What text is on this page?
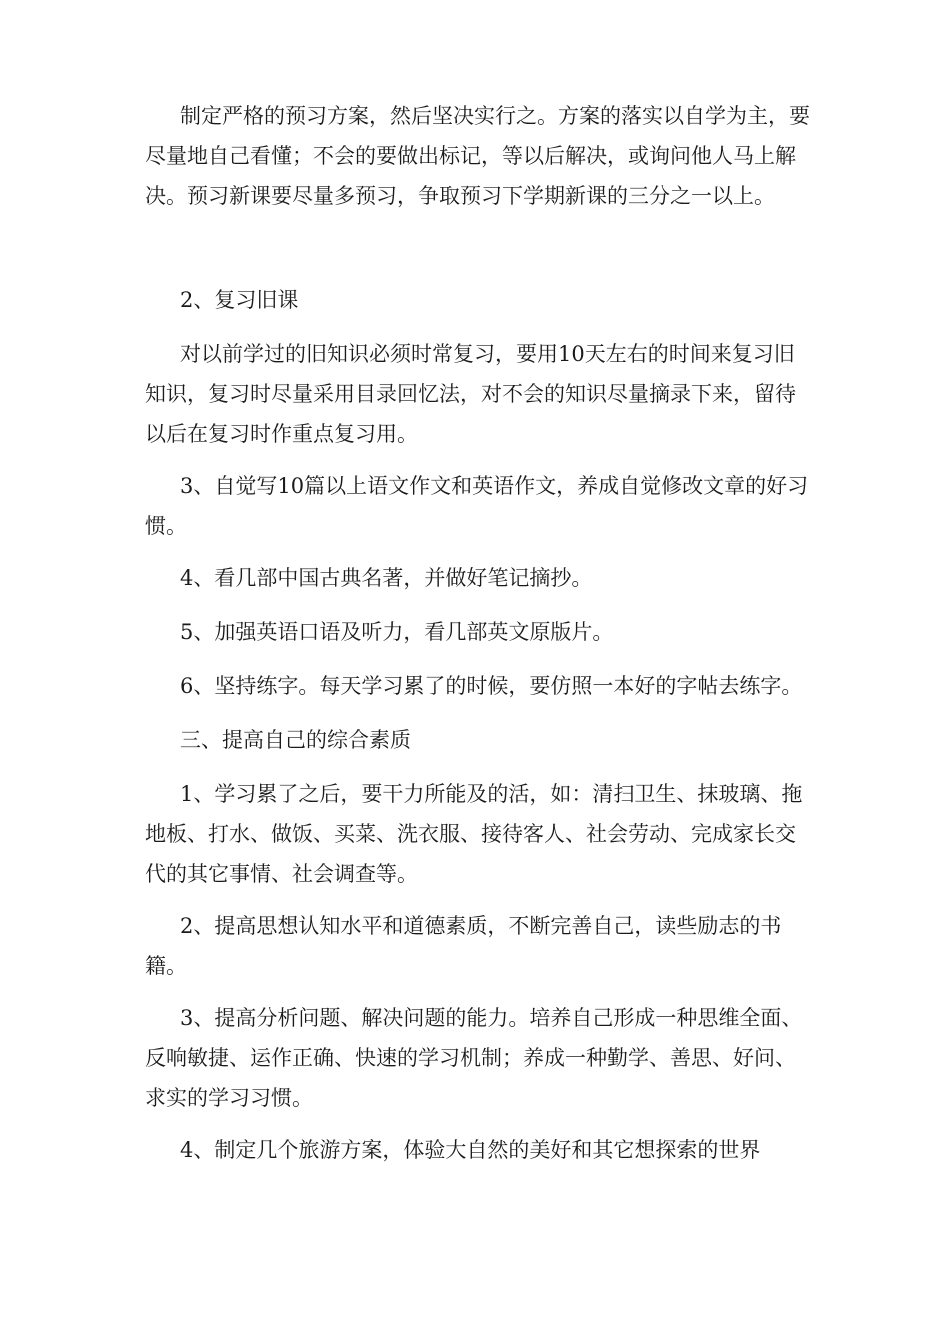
制定严格的预习方案，然后坚决实行之。方案的落实以自学为主，要尽量地自己看懂；不会的要做出标记，等以后解决，或询问他人马上解决。预习新课要尽量多预习，争取预习下学期新课的三分之一以上。

2、复习旧课

对以前学过的旧知识必须时常复习，要用10天左右的时间来复习旧知识，复习时尽量采用目录回忆法，对不会的知识尽量摘录下来，留待以后在复习时作重点复习用。

3、自觉写10篇以上语文作文和英语作文，养成自觉修改文章的好习惯。

4、看几部中国古典名著，并做好笔记摘抄。

5、加强英语口语及听力，看几部英文原版片。

6、坚持练字。每天学习累了的时候，要仿照一本好的字帖去练字。

三、提高自己的综合素质

1、学习累了之后，要干力所能及的活，如：清扫卫生、抹玻璃、拖地板、打水、做饭、买菜、洗衣服、接待客人、社会劳动、完成家长交代的其它事情、社会调查等。

2、提高思想认知水平和道德素质，不断完善自己，读些励志的书籍。

3、提高分析问题、解决问题的能力。培养自己形成一种思维全面、反响敏捷、运作正确、快速的学习机制；养成一种勤学、善思、好问、求实的学习习惯。

4、制定几个旅游方案，体验大自然的美好和其它想探索的世界
